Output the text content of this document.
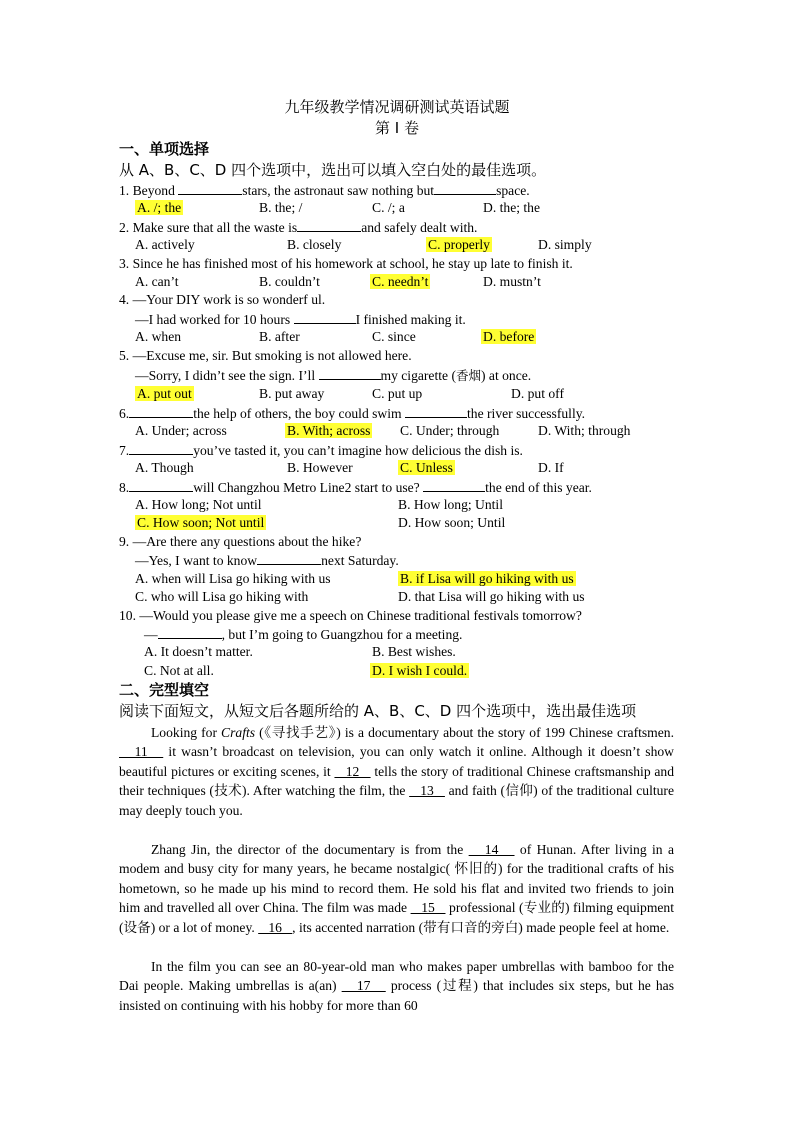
九年级教学情况调研测试英语试题
第 I 卷
一、单项选择
从 A、B、C、D 四个选项中，选出可以填入空白处的最佳选项。
1. Beyond	stars, the astronaut saw nothing but	space.
A. /; the	B. the; /	C. /; a	D. the; the
2. Make sure that all the waste is	and safely dealt with.
A. actively	B. closely	C. properly	D. simply
3. Since he has finished most of his homework at school, he stay up late to finish it.
A. can’t	B. couldn’t	C. needn’t	D. mustn’t
4. —Your DIY work is so wonderf ul.
—I had worked for 10 hours	I finished making it.
A. when	B. after	C. since	D. before
5. —Excuse me, sir. But smoking is not allowed here.
—Sorry, I didn’t see the sign. I’ll	my cigarette (香烟) at once.
A. put out	B. put away	C. put up	D. put off
6.	the help of others, the boy could swim	the river successfully.
A. Under; across	B. With; across C. Under; through	D. With; through
7.	you’ve tasted it, you can’t imagine how delicious the dish is.
A. Though	B. However	C. Unless	D. If
8.	will Changzhou Metro Line2 start to use?	the end of this year.
A. How long; Not until	B. How long; Until
C. How soon; Not until	D. How soon; Until
9. —Are there any questions about the hike?
—Yes, I want to know	next Saturday.
A. when will Lisa go hiking with us	B. if Lisa will go hiking with us
C. who will Lisa go hiking with	D. that Lisa will go hiking with us
10. —Would you please give me a speech on Chinese traditional festivals tomorrow?
—	, but I’m going to Guangzhou for a meeting.
A. It doesn’t matter.	B. Best wishes.
C. Not at all.	D. I wish I could.
二、完型填空
阅读下面短文，从短文后各题所给的 A、B、C、D 四个选项中，选出最佳选项
Looking for Crafts (《寻找手艺》) is a documentary about the story of 199 Chinese craftsmen.    11    it wasn’t broadcast on television, you can only watch it online. Although it doesn’t show beautiful pictures or exciting scenes, it    12    tells the story of traditional Chinese craftsmanship and their techniques (技术). After watching the film, the    13    and faith (信仰) of the traditional culture may deeply touch you.
Zhang Jin, the director of the documentary is from the    14    of Hunan. After living in a modem and busy city for many years, he became nostalgic( 怀旧的) for the traditional crafts of his hometown, so he made up his mind to record them. He sold his flat and invited two friends to join him and travelled all over China. The film was made    15    professional (专业的) filming equipment (设备) or a lot of money.    16   , its accented narration (带有口音的旁白) made people feel at home.
In the film you can see an 80-year-old man who makes paper umbrellas with bamboo for the Dai people. Making umbrellas is a(an)    17    process (过程) that includes six steps, but he has insisted on continuing with his hobby for more than 60
